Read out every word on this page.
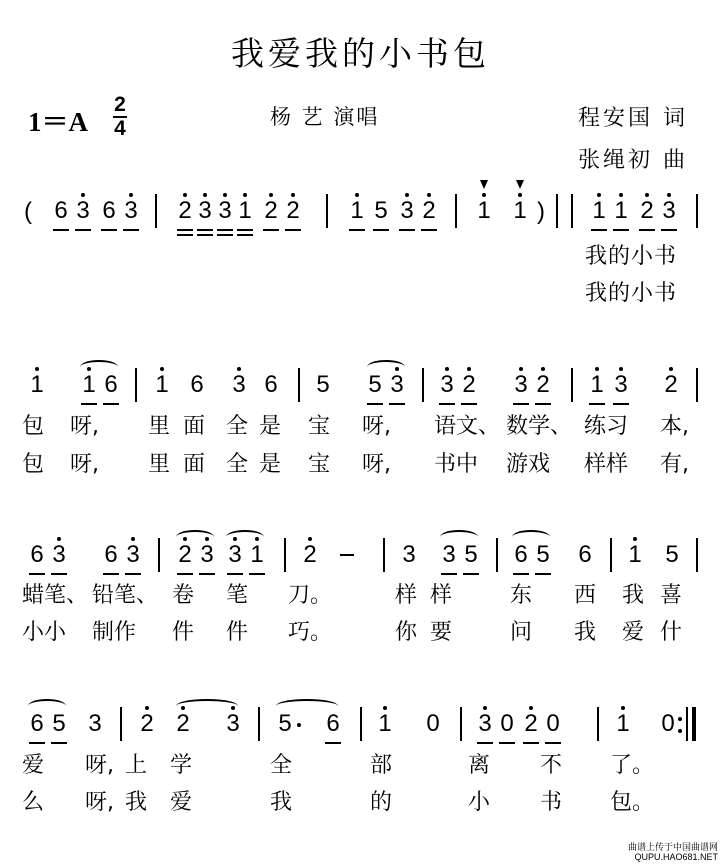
我爱我的小书包
1＝A
2
4	杨 艺 演唱	程安国 词
张绳初 曲
( 6 3 6 3 2 3 3 1 2 2 1 5 3 2 1 1 ) 1 1 2 3
我的小书
我的小书
1 1 6 1 6 3 6 5 5 3 3 2 3 2 1 3 2
包 呀, 里 面 全 是 宝 呀, 语文、 数学、 练习 本,
包 呀, 里 面 全 是 宝 呀, 书中 游戏 样样 有,
6 3 6 3 2 3 3 1 2	3 3 5 6 5 6 1 5
蜡笔、 铅笔、 卷 笔 刀。	样 样	东 西 我 喜
小小 制作 件 件 巧。	你 要	问 我 爱 什
6 5 3 2 2 3 5 6 1 0 3 0 2 0 1 0
爱 呀, 上 学	全	部	离 不 了。
么 呀, 我 爱	我	的	小 书 包。
曲谱上传于中国曲谱网
QUPU.HAO681.NET
